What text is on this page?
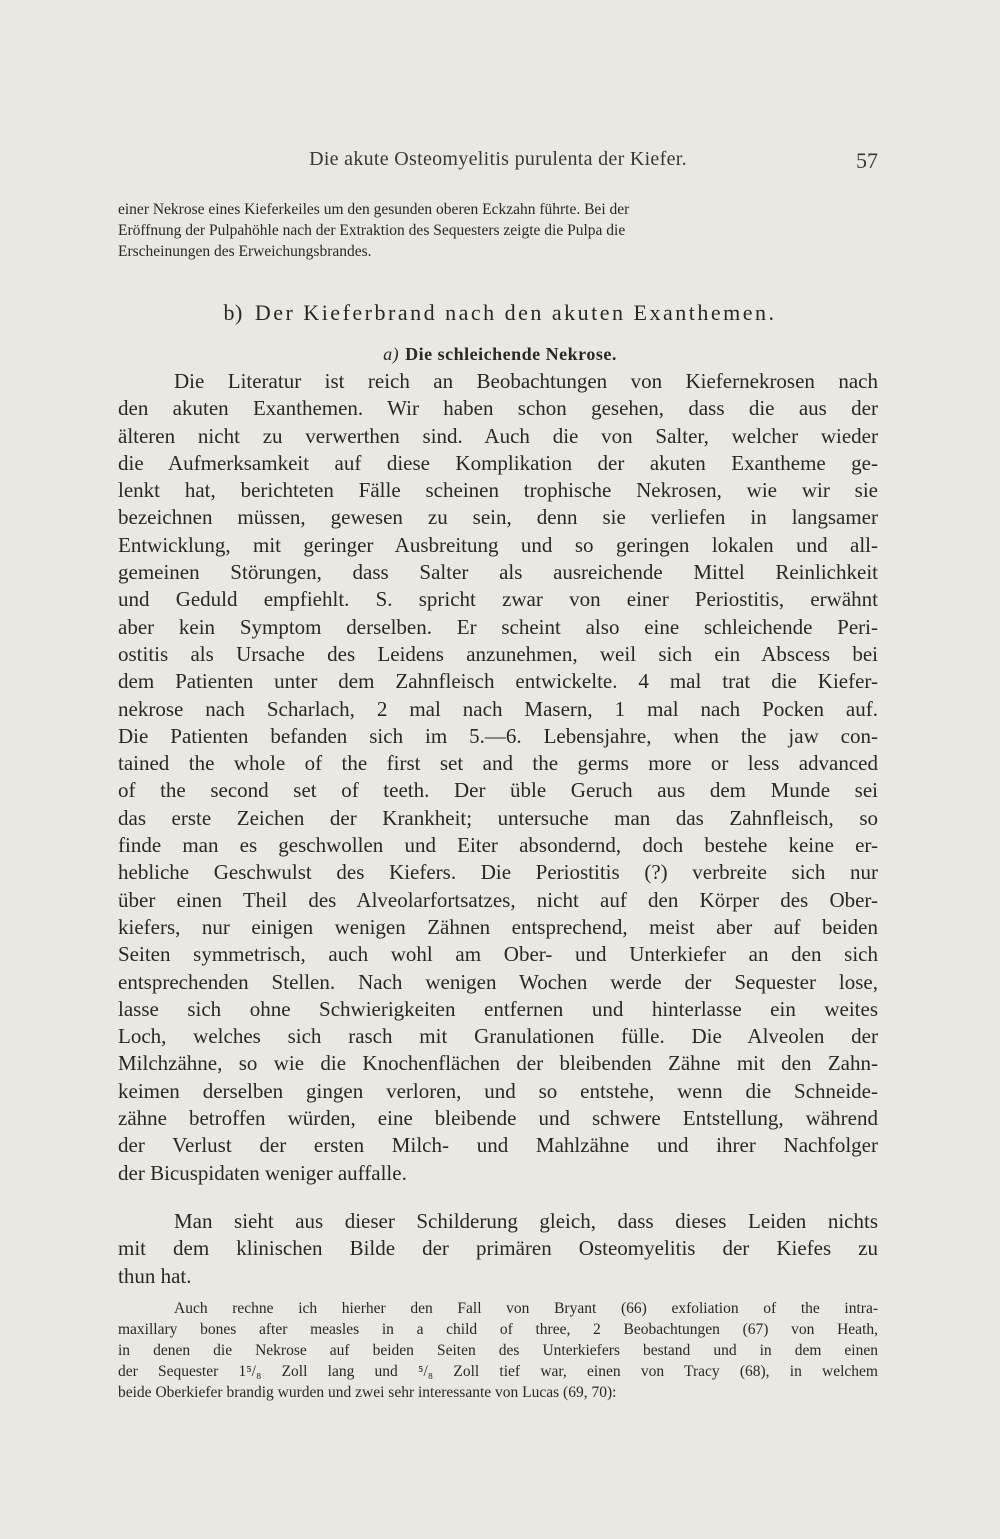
Die akute Osteomyelitis purulenta der Kiefer.	57
einer Nekrose eines Kieferkeiles um den gesunden oberen Eckzahn führte. Bei der
Eröffnung der Pulpahöhle nach der Extraktion des Sequesters zeigte die Pulpa die
Erscheinungen des Erweichungsbrandes.
b) Der Kieferbrand nach den akuten Exanthemen.
a) Die schleichende Nekrose.
Die Literatur ist reich an Beobachtungen von Kiefernekrosen nach
den akuten Exanthemen. Wir haben schon gesehen, dass die aus der
älteren nicht zu verwerthen sind. Auch die von Salter, welcher wieder
die Aufmerksamkeit auf diese Komplikation der akuten Exantheme ge-
lenkt hat, berichteten Fälle scheinen trophische Nekrosen, wie wir sie
bezeichnen müssen, gewesen zu sein, denn sie verliefen in langsamer
Entwicklung, mit geringer Ausbreitung und so geringen lokalen und all-
gemeinen Störungen, dass Salter als ausreichende Mittel Reinlichkeit
und Geduld empfiehlt. S. spricht zwar von einer Periostitis, erwähnt
aber kein Symptom derselben. Er scheint also eine schleichende Peri-
ostitis als Ursache des Leidens anzunehmen, weil sich ein Abscess bei
dem Patienten unter dem Zahnfleisch entwickelte. 4 mal trat die Kiefer-
nekrose nach Scharlach, 2 mal nach Masern, 1 mal nach Pocken auf.
Die Patienten befanden sich im 5.—6. Lebensjahre, when the jaw con-
tained the whole of the first set and the germs more or less advanced
of the second set of teeth. Der üble Geruch aus dem Munde sei
das erste Zeichen der Krankheit; untersuche man das Zahnfleisch, so
finde man es geschwollen und Eiter absondernd, doch bestehe keine er-
hebliche Geschwulst des Kiefers. Die Periostitis (?) verbreite sich nur
über einen Theil des Alveolarfortsatzes, nicht auf den Körper des Ober-
kiefers, nur einigen wenigen Zähnen entsprechend, meist aber auf beiden
Seiten symmetrisch, auch wohl am Ober- und Unterkiefer an den sich
entsprechenden Stellen. Nach wenigen Wochen werde der Sequester lose,
lasse sich ohne Schwierigkeiten entfernen und hinterlasse ein weites
Loch, welches sich rasch mit Granulationen fülle. Die Alveolen der
Milchzähne, so wie die Knochenflächen der bleibenden Zähne mit den Zahn-
keimen derselben gingen verloren, und so entstehe, wenn die Schneide-
zähne betroffen würden, eine bleibende und schwere Entstellung, während
der Verlust der ersten Milch- und Mahlzähne und ihrer Nachfolger
der Bicuspidaten weniger auffalle.
Man sieht aus dieser Schilderung gleich, dass dieses Leiden nichts
mit dem klinischen Bilde der primären Osteomyelitis der Kiefes zu
thun hat.
Auch rechne ich hierher den Fall von Bryant (66) exfoliation of the intra-
maxillary bones after measles in a child of three, 2 Beobachtungen (67) von Heath,
in denen die Nekrose auf beiden Seiten des Unterkiefers bestand und in dem einen
der Sequester 1⁵/₈ Zoll lang und ⁵/₈ Zoll tief war, einen von Tracy (68), in welchem
beide Oberkiefer brandig wurden und zwei sehr interessante von Lucas (69, 70):
